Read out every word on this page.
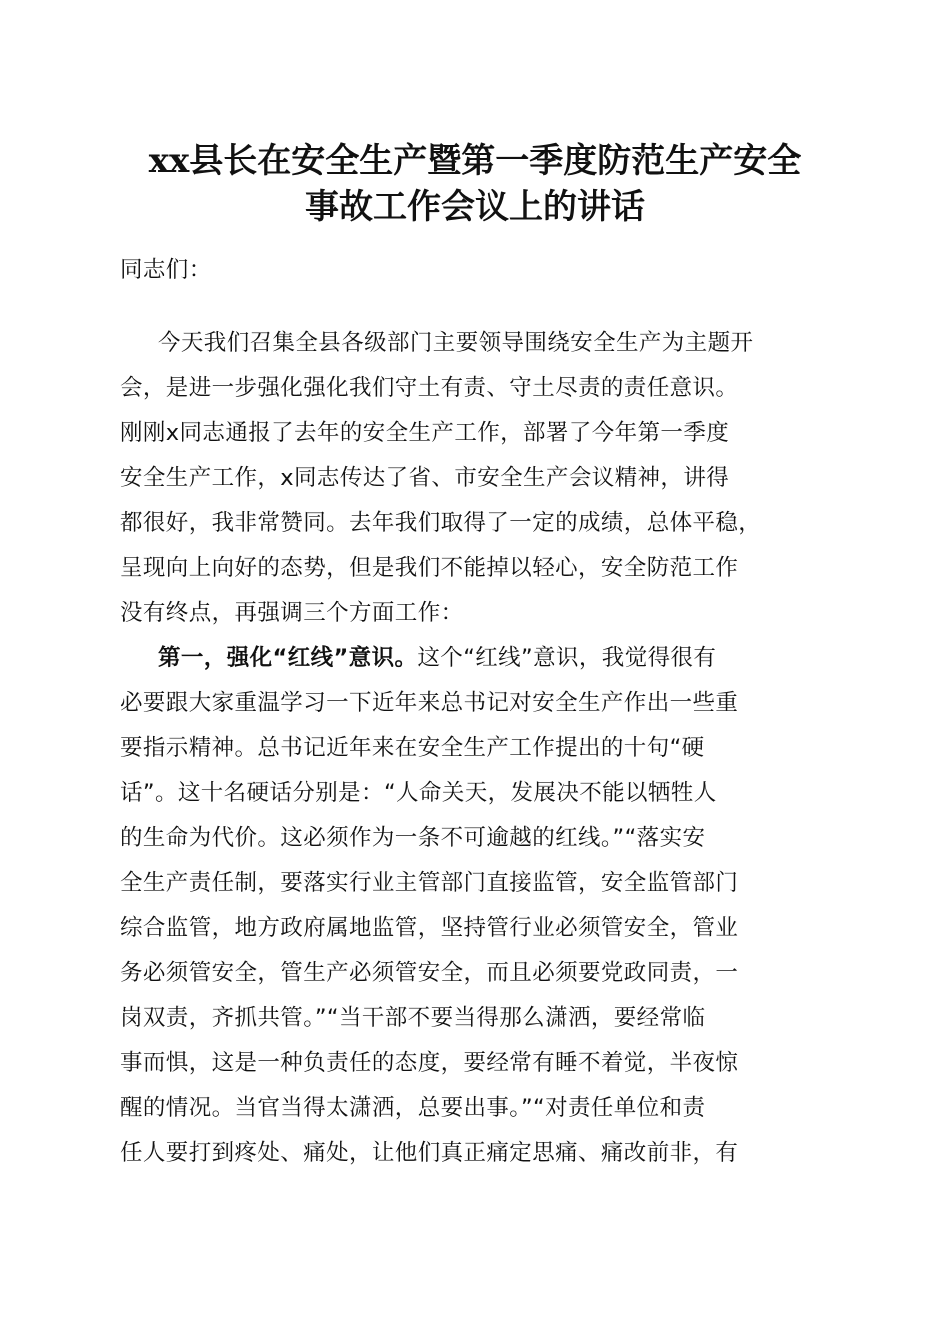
xx县长在安全生产暨第一季度防范生产安全
事故工作会议上的讲话
同志们：
今天我们召集全县各级部门主要领导围绕安全生产为主题开
会，是进一步强化强化我们守土有责、守土尽责的责任意识。
刚刚x同志通报了去年的安全生产工作，部署了今年第一季度
安全生产工作，x同志传达了省、市安全生产会议精神，讲得
都很好，我非常赞同。去年我们取得了一定的成绩，总体平稳，
呈现向上向好的态势，但是我们不能掉以轻心，安全防范工作
没有终点，再强调三个方面工作：
第一，强化“红线”意识。这个“红线”意识，我觉得很有
必要跟大家重温学习一下近年来总书记对安全生产作出一些重
要指示精神。总书记近年来在安全生产工作提出的十句“硬
话”。这十名硬话分别是：“人命关天，发展决不能以牺牲人
的生命为代价。这必须作为一条不可逾越的红线。”“落实安
全生产责任制，要落实行业主管部门直接监管，安全监管部门
综合监管，地方政府属地监管，坚持管行业必须管安全，管业
务必须管安全，管生产必须管安全，而且必须要党政同责，一
岗双责，齐抓共管。”“当干部不要当得那么潇洒，要经常临
事而惧，这是一种负责任的态度，要经常有睡不着觉，半夜惊
醒的情况。当官当得太潇洒，总要出事。”“对责任单位和责
任人要打到疼处、痛处，让他们真正痛定思痛、痛改前非，有
